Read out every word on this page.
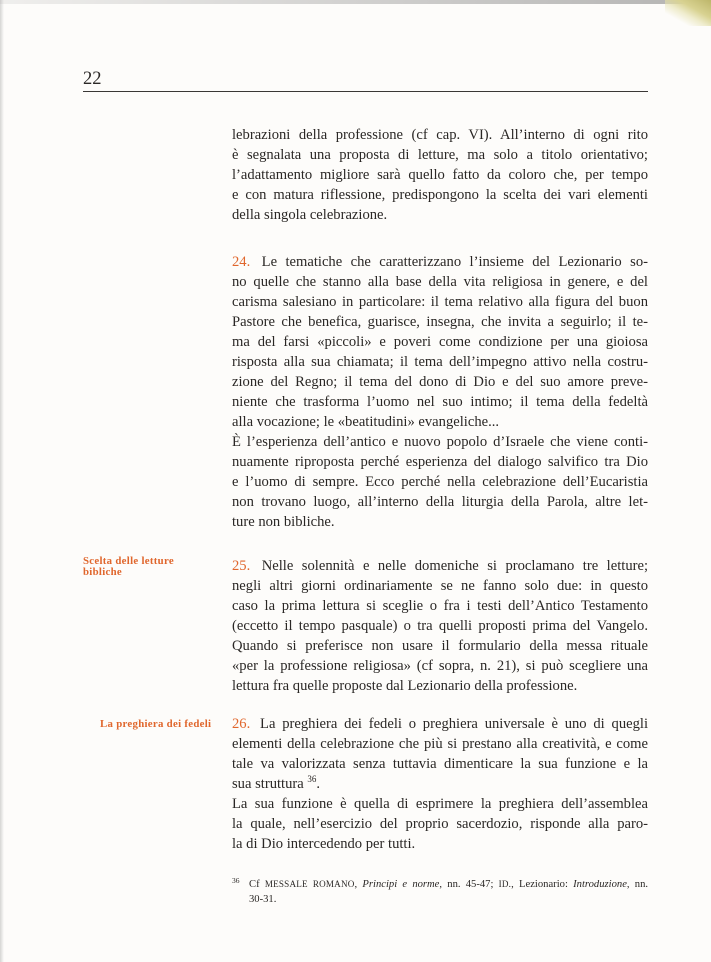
22
lebrazioni della professione (cf cap. VI). All’interno di ogni rito
è segnalata una proposta di letture, ma solo a titolo orientativo;
l’adattamento migliore sarà quello fatto da coloro che, per tempo
e con matura riflessione, predispongono la scelta dei vari elementi
della singola celebrazione.
24. Le tematiche che caratterizzano l’insieme del Lezionario so-
no quelle che stanno alla base della vita religiosa in genere, e del
carisma salesiano in particolare: il tema relativo alla figura del buon
Pastore che benefica, guarisce, insegna, che invita a seguirlo; il te-
ma del farsi «piccoli» e poveri come condizione per una gioiosa
risposta alla sua chiamata; il tema dell’impegno attivo nella costru-
zione del Regno; il tema del dono di Dio e del suo amore preve-
niente che trasforma l’uomo nel suo intimo; il tema della fedeltà
alla vocazione; le «beatitudini» evangeliche...
È l’esperienza dell’antico e nuovo popolo d’Israele che viene conti-
nuamente riproposta perché esperienza del dialogo salvifico tra Dio
e l’uomo di sempre. Ecco perché nella celebrazione dell’Eucaristia
non trovano luogo, all’interno della liturgia della Parola, altre let-
ture non bibliche.
Scelta delle letture
bibliche	25. Nelle solennità e nelle domeniche si proclamano tre letture;
negli altri giorni ordinariamente se ne fanno solo due: in questo
caso la prima lettura si sceglie o fra i testi dell’Antico Testamento
(eccetto il tempo pasquale) o tra quelli proposti prima del Vangelo.
Quando si preferisce non usare il formulario della messa rituale
«per la professione religiosa» (cf sopra, n. 21), si può scegliere una
lettura fra quelle proposte dal Lezionario della professione.
La preghiera dei fedeli	26. La preghiera dei fedeli o preghiera universale è uno di quegli
elementi della celebrazione che più si prestano alla creatività, e come
tale va valorizzata senza tuttavia dimenticare la sua funzione e la
sua struttura $^{36}$.
La sua funzione è quella di esprimere la preghiera dell’assemblea
la quale, nell’esercizio del proprio sacerdozio, risponde alla paro-
la di Dio intercedendo per tutti.
36 Cf MESSALE ROMANO, Principi e norme, nn. 45-47; ID., Lezionario: Introduzione, nn.
30-31.
